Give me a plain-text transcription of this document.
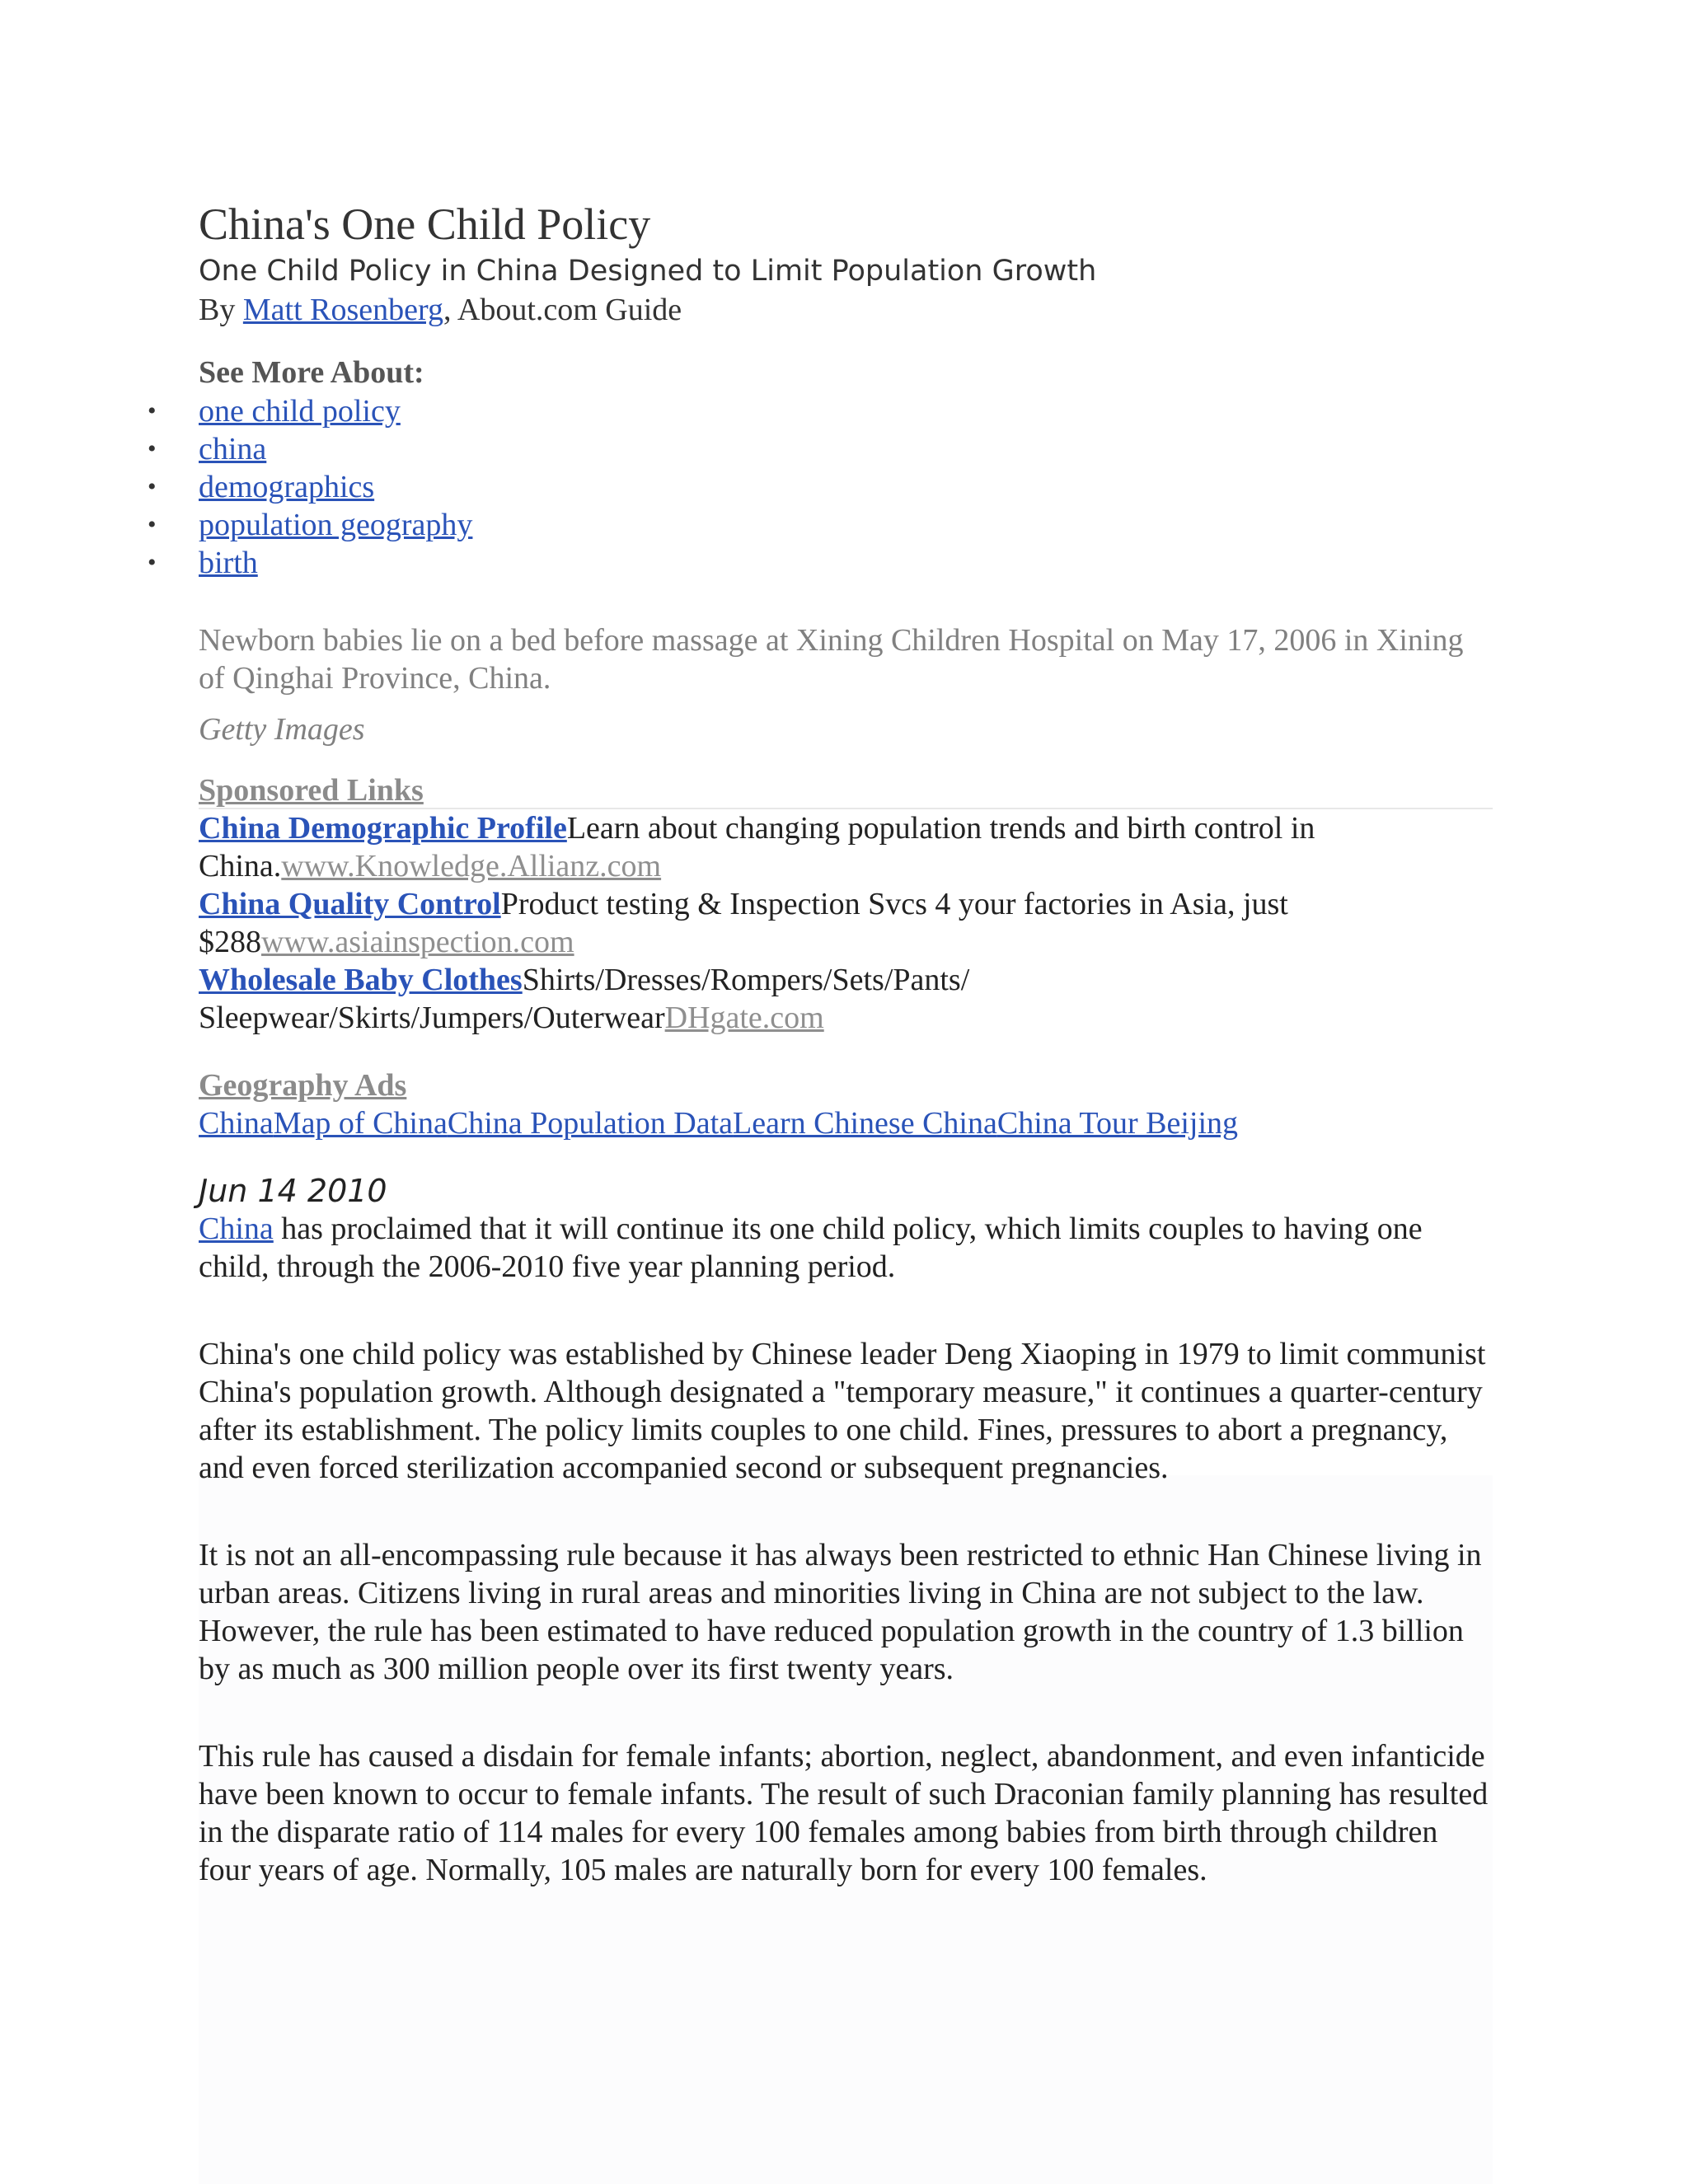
China's One Child Policy
One Child Policy in China Designed to Limit Population Growth
By Matt Rosenberg, About.com Guide
See More About:
• one child policy
• china
• demographics
• population geography
• birth
Newborn babies lie on a bed before massage at Xining Children Hospital on May 17, 2006 in Xining of Qinghai Province, China.
Getty Images
Sponsored Links
China Demographic ProfileLearn about changing population trends and birth control in China.www.Knowledge.Allianz.com
China Quality ControlProduct testing & Inspection Svcs 4 your factories in Asia, just $288www.asiainspection.com
Wholesale Baby ClothesShirts/Dresses/Rompers/Sets/Pants/ Sleepwear/Skirts/Jumpers/OuterwearDHgate.com
Geography Ads
ChinaMap of ChinaChina Population DataLearn Chinese ChinaChina Tour Beijing
Jun 14 2010

China has proclaimed that it will continue its one child policy, which limits couples to having one child, through the 2006-2010 five year planning period.

China's one child policy was established by Chinese leader Deng Xiaoping in 1979 to limit communist China's population growth. Although designated a "temporary measure," it continues a quarter-century after its establishment. The policy limits couples to one child. Fines, pressures to abort a pregnancy, and even forced sterilization accompanied second or subsequent pregnancies.

It is not an all-encompassing rule because it has always been restricted to ethnic Han Chinese living in urban areas. Citizens living in rural areas and minorities living in China are not subject to the law. However, the rule has been estimated to have reduced population growth in the country of 1.3 billion by as much as 300 million people over its first twenty years.

This rule has caused a disdain for female infants; abortion, neglect, abandonment, and even infanticide have been known to occur to female infants. The result of such Draconian family planning has resulted in the disparate ratio of 114 males for every 100 females among babies from birth through children four years of age. Normally, 105 males are naturally born for every 100 females.
